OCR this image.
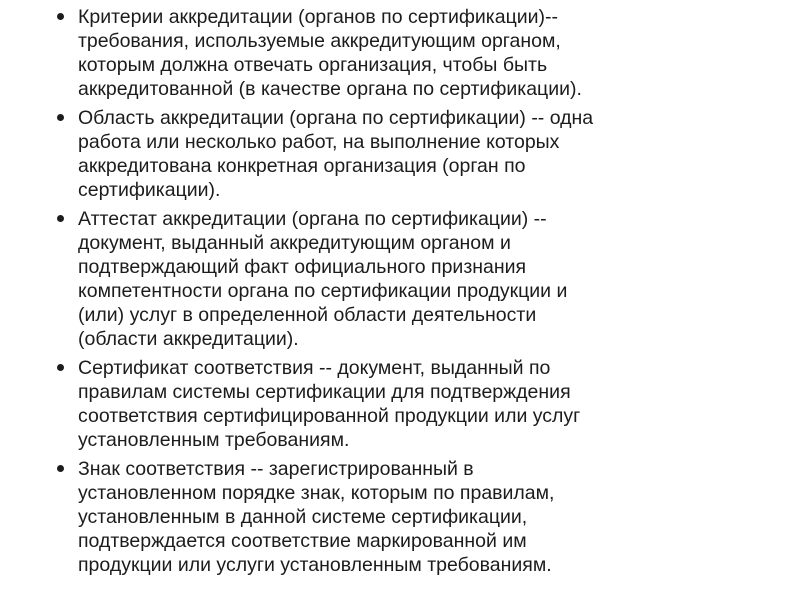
Критерии аккредитации (органов по сертификации)--
требования, используемые аккредитующим органом,
которым должна отвечать организация, чтобы быть
аккредитованной (в качестве органа по сертификации).
Область аккредитации (органа по сертификации) -- одна
работа или несколько работ, на выполнение которых
аккредитована конкретная организация (орган по
сертификации).
Аттестат аккредитации (органа по сертификации) --
документ, выданный аккредитующим органом и
подтверждающий факт официального признания
компетентности органа по сертификации продукции и
(или) услуг в определенной области деятельности
(области аккредитации).
Сертификат соответствия -- документ, выданный по
правилам системы сертификации для подтверждения
соответствия сертифицированной продукции или услуг
установленным требованиям.
Знак соответствия -- зарегистрированный в
установленном порядке знак, которым по правилам,
установленным в данной системе сертификации,
подтверждается соответствие маркированной им
продукции или услуги установленным требованиям.
